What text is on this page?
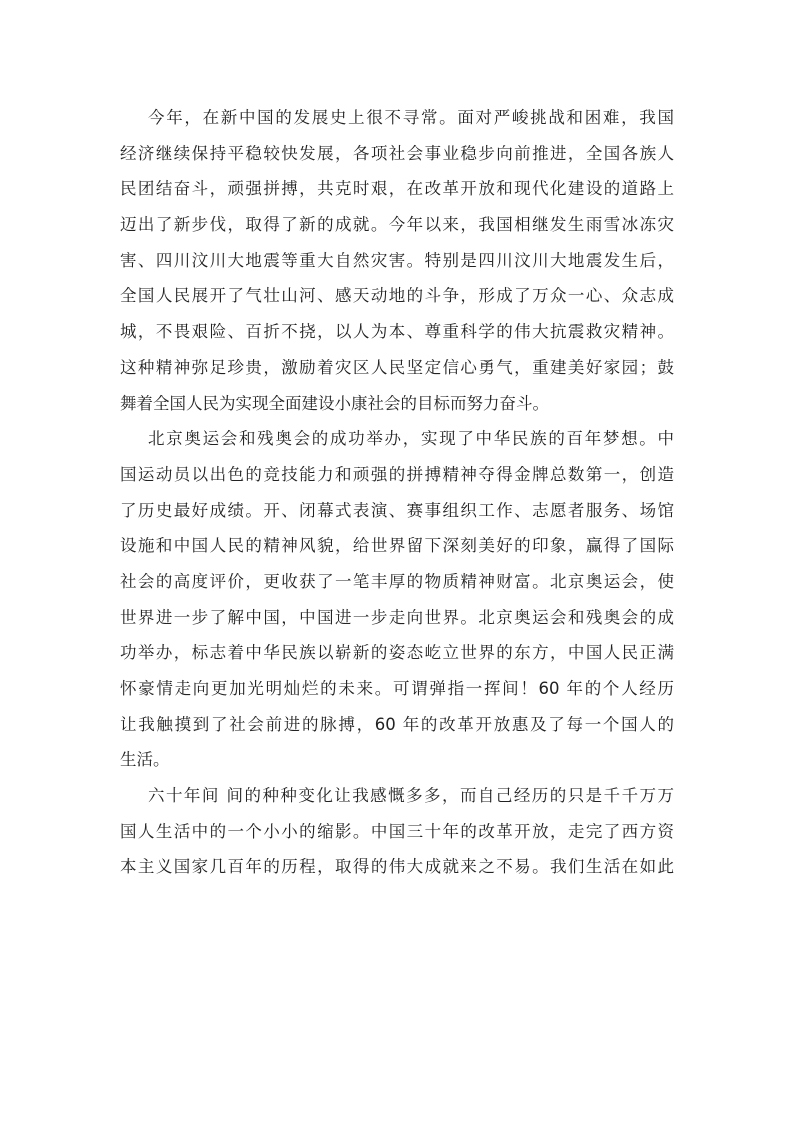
今年，在新中国的发展史上很不寻常。面对严峻挑战和困难，我国
经济继续保持平稳较快发展，各项社会事业稳步向前推进，全国各族人
民团结奋斗，顽强拼搏，共克时艰，在改革开放和现代化建设的道路上
迈出了新步伐，取得了新的成就。今年以来，我国相继发生雨雪冰冻灾
害、四川汶川大地震等重大自然灾害。特别是四川汶川大地震发生后，
全国人民展开了气壮山河、感天动地的斗争，形成了万众一心、众志成
城，不畏艰险、百折不挠，以人为本、尊重科学的伟大抗震救灾精神。
这种精神弥足珍贵，激励着灾区人民坚定信心勇气，重建美好家园；鼓
舞着全国人民为实现全面建设小康社会的目标而努力奋斗。
北京奥运会和残奥会的成功举办，实现了中华民族的百年梦想。中
国运动员以出色的竞技能力和顽强的拼搏精神夺得金牌总数第一，创造
了历史最好成绩。开、闭幕式表演、赛事组织工作、志愿者服务、场馆
设施和中国人民的精神风貌，给世界留下深刻美好的印象，赢得了国际
社会的高度评价，更收获了一笔丰厚的物质精神财富。北京奥运会，使
世界进一步了解中国，中国进一步走向世界。北京奥运会和残奥会的成
功举办，标志着中华民族以崭新的姿态屹立世界的东方，中国人民正满
怀豪情走向更加光明灿烂的未来。可谓弹指一挥间！60 年的个人经历
让我触摸到了社会前进的脉搏，60 年的改革开放惠及了每一个国人的
生活。
六十年间 间的种种变化让我感慨多多，而自己经历的只是千千万万
国人生活中的一个小小的缩影。中国三十年的改革开放，走完了西方资
本主义国家几百年的历程，取得的伟大成就来之不易。我们生活在如此
